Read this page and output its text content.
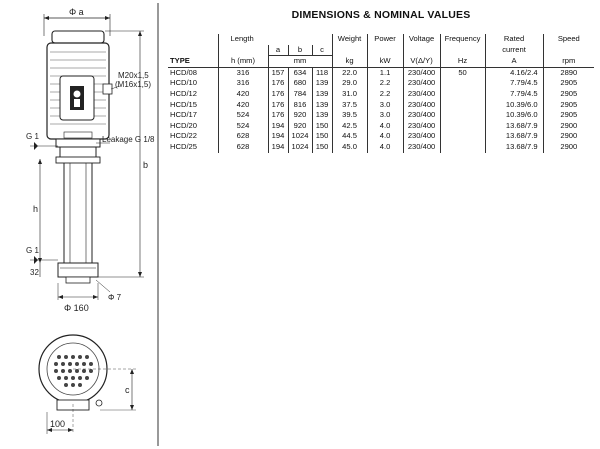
Φ a
M20x1,5
(M16x1,5)
Leakage G 1/8
G 1
G 1
h
32
b
Φ 160
Φ 7
c
100
DIMENSIONS & NOMINAL VALUES
	Length				Weight	Power	Voltage	Frequency	Rated	Speed
		a	b	c					current	
TYPE	h (mm)	mm			kg	kW	V(Δ/Y)	Hz	A	rpm
HCD/08	316	157	634	118	22.0	1.1	230/400	50	4.16/2.4	2890
HCD/10	316	176	680	139	29.0	2.2	230/400		7.79/4.5	2905
HCD/12	420	176	784	139	31.0	2.2	230/400		7.79/4.5	2905
HCD/15	420	176	816	139	37.5	3.0	230/400		10.39/6.0	2905
HCD/17	524	176	920	139	39.5	3.0	230/400		10.39/6.0	2905
HCD/20	524	194	920	150	42.5	4.0	230/400		13.68/7.9	2900
HCD/22	628	194	1024	150	44.5	4.0	230/400		13.68/7.9	2900
HCD/25	628	194	1024	150	45.0	4.0	230/400		13.68/7.9	2900
